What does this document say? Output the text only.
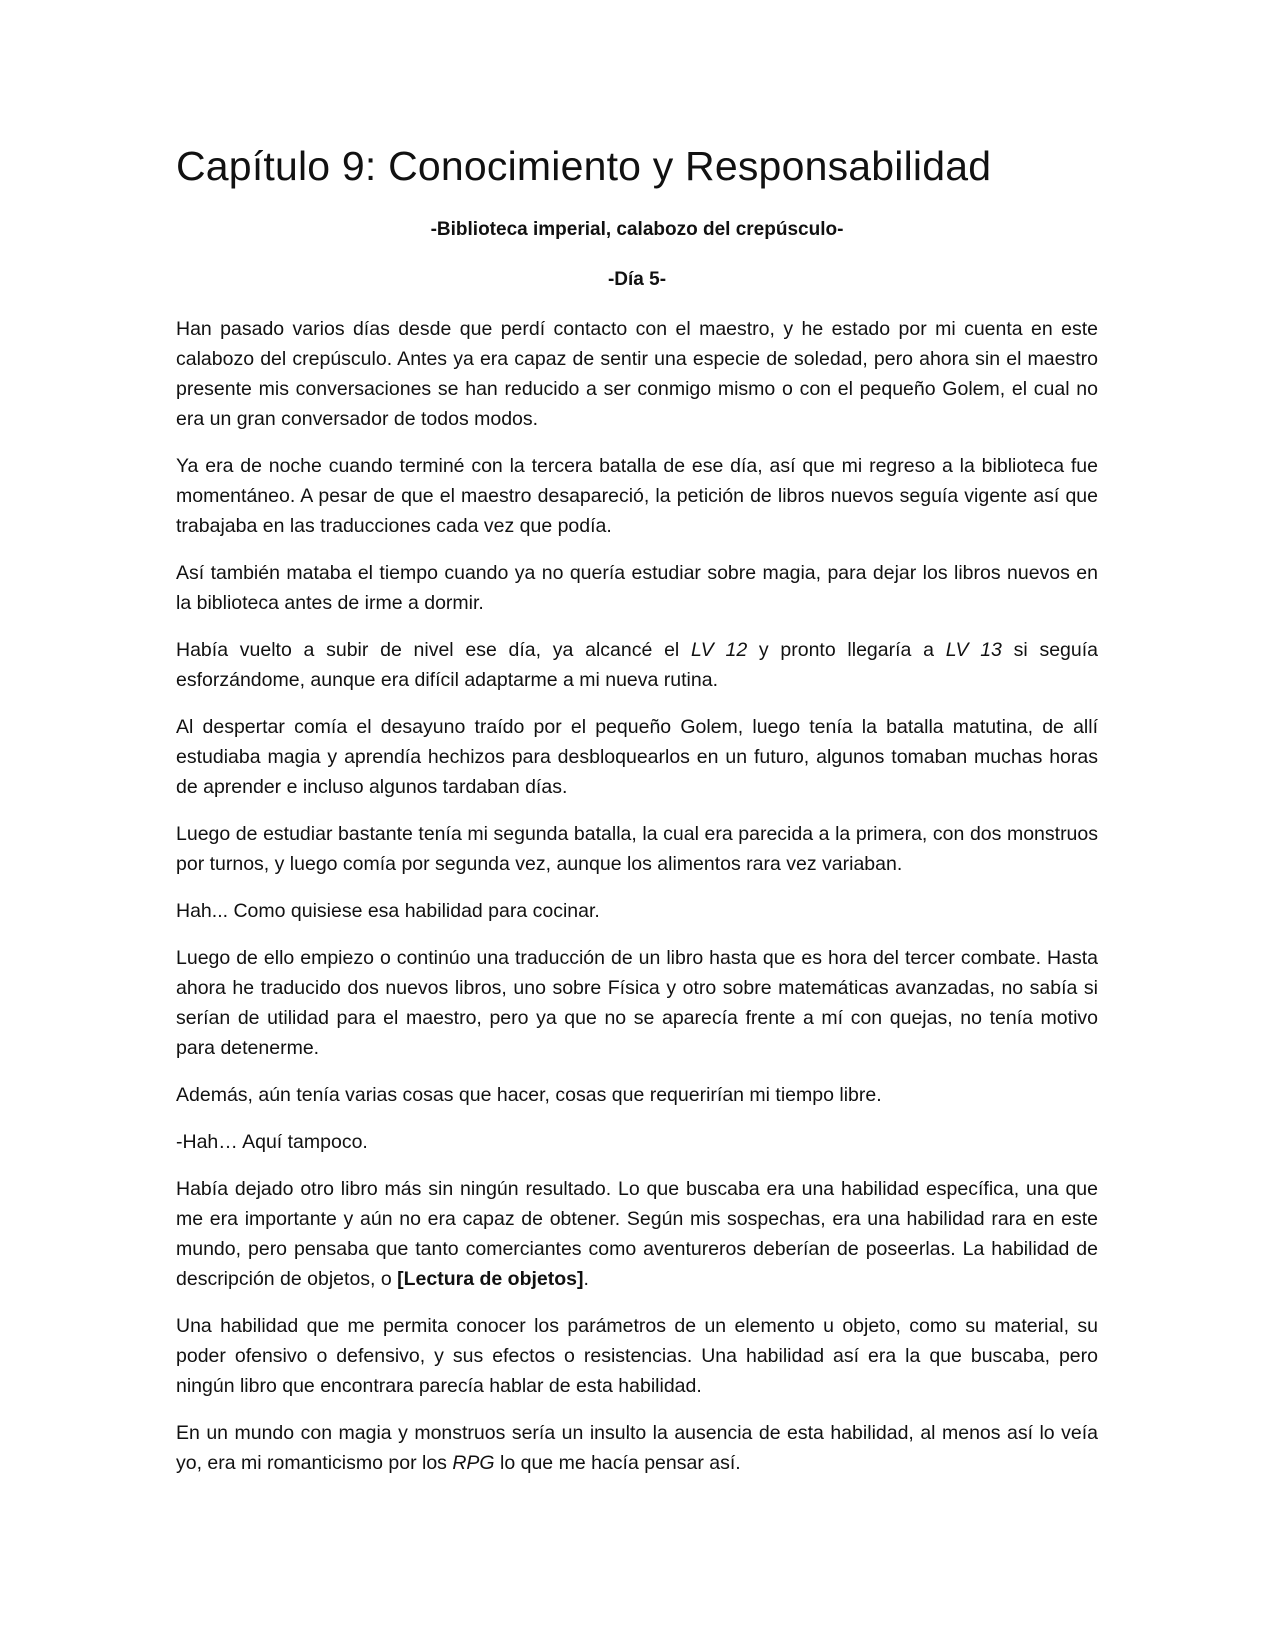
Capítulo 9: Conocimiento y Responsabilidad

-Biblioteca imperial, calabozo del crepúsculo-

-Día 5-

Han pasado varios días desde que perdí contacto con el maestro, y he estado por mi cuenta en este calabozo del crepúsculo. Antes ya era capaz de sentir una especie de soledad, pero ahora sin el maestro presente mis conversaciones se han reducido a ser conmigo mismo o con el pequeño Golem, el cual no era un gran conversador de todos modos.

Ya era de noche cuando terminé con la tercera batalla de ese día, así que mi regreso a la biblioteca fue momentáneo. A pesar de que el maestro desapareció, la petición de libros nuevos seguía vigente así que trabajaba en las traducciones cada vez que podía.

Así también mataba el tiempo cuando ya no quería estudiar sobre magia, para dejar los libros nuevos en la biblioteca antes de irme a dormir.

Había vuelto a subir de nivel ese día, ya alcancé el LV 12 y pronto llegaría a LV 13 si seguía esforzándome, aunque era difícil adaptarme a mi nueva rutina.

Al despertar comía el desayuno traído por el pequeño Golem, luego tenía la batalla matutina, de allí estudiaba magia y aprendía hechizos para desbloquearlos en un futuro, algunos tomaban muchas horas de aprender e incluso algunos tardaban días.

Luego de estudiar bastante tenía mi segunda batalla, la cual era parecida a la primera, con dos monstruos por turnos, y luego comía por segunda vez, aunque los alimentos rara vez variaban.

Hah... Como quisiese esa habilidad para cocinar.

Luego de ello empiezo o continúo una traducción de un libro hasta que es hora del tercer combate. Hasta ahora he traducido dos nuevos libros, uno sobre Física y otro sobre matemáticas avanzadas, no sabía si serían de utilidad para el maestro, pero ya que no se aparecía frente a mí con quejas, no tenía motivo para detenerme.

Además, aún tenía varias cosas que hacer, cosas que requerirían mi tiempo libre.

-Hah… Aquí tampoco.

Había dejado otro libro más sin ningún resultado. Lo que buscaba era una habilidad específica, una que me era importante y aún no era capaz de obtener. Según mis sospechas, era una habilidad rara en este mundo, pero pensaba que tanto comerciantes como aventureros deberían de poseerlas. La habilidad de descripción de objetos, o [Lectura de objetos].

Una habilidad que me permita conocer los parámetros de un elemento u objeto, como su material, su poder ofensivo o defensivo, y sus efectos o resistencias. Una habilidad así era la que buscaba, pero ningún libro que encontrara parecía hablar de esta habilidad.

En un mundo con magia y monstruos sería un insulto la ausencia de esta habilidad, al menos así lo veía yo, era mi romanticismo por los RPG lo que me hacía pensar así.
